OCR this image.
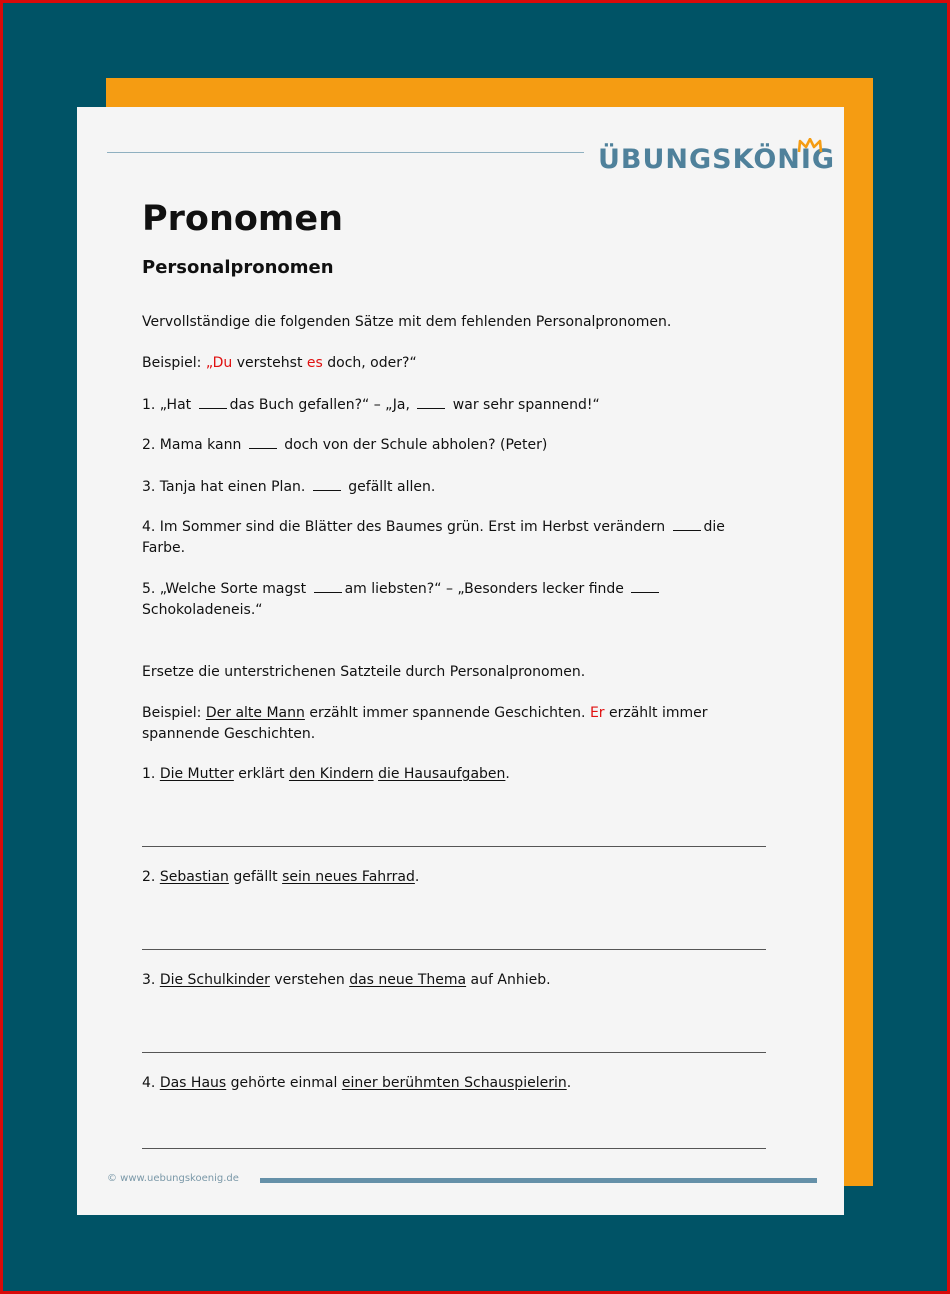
ÜBUNGSKÖNIG
Pronomen
Personalpronomen

Vervollständige die folgenden Sätze mit dem fehlenden Personalpronomen.

Beispiel: „Du verstehst es doch, oder?“

1. „Hat das Buch gefallen?“ – „Ja,  war sehr spannend!“

2. Mama kann  doch von der Schule abholen? (Peter)

3. Tanja hat einen Plan.  gefällt allen.

4. Im Sommer sind die Blätter des Baumes grün. Erst im Herbst verändern die Farbe.

5. „Welche Sorte magst am liebsten?“ – „Besonders lecker finde  Schokoladeneis.“

Ersetze die unterstrichenen Satzteile durch Personalpronomen.

Beispiel: Der alte Mann erzählt immer spannende Geschichten. Er erzählt immer spannende Geschichten.

1. Die Mutter erklärt den Kindern die Hausaufgaben.

2. Sebastian gefällt sein neues Fahrrad.

3. Die Schulkinder verstehen das neue Thema auf Anhieb.

4. Das Haus gehörte einmal einer berühmten Schauspielerin.

© www.uebungskoenig.de
